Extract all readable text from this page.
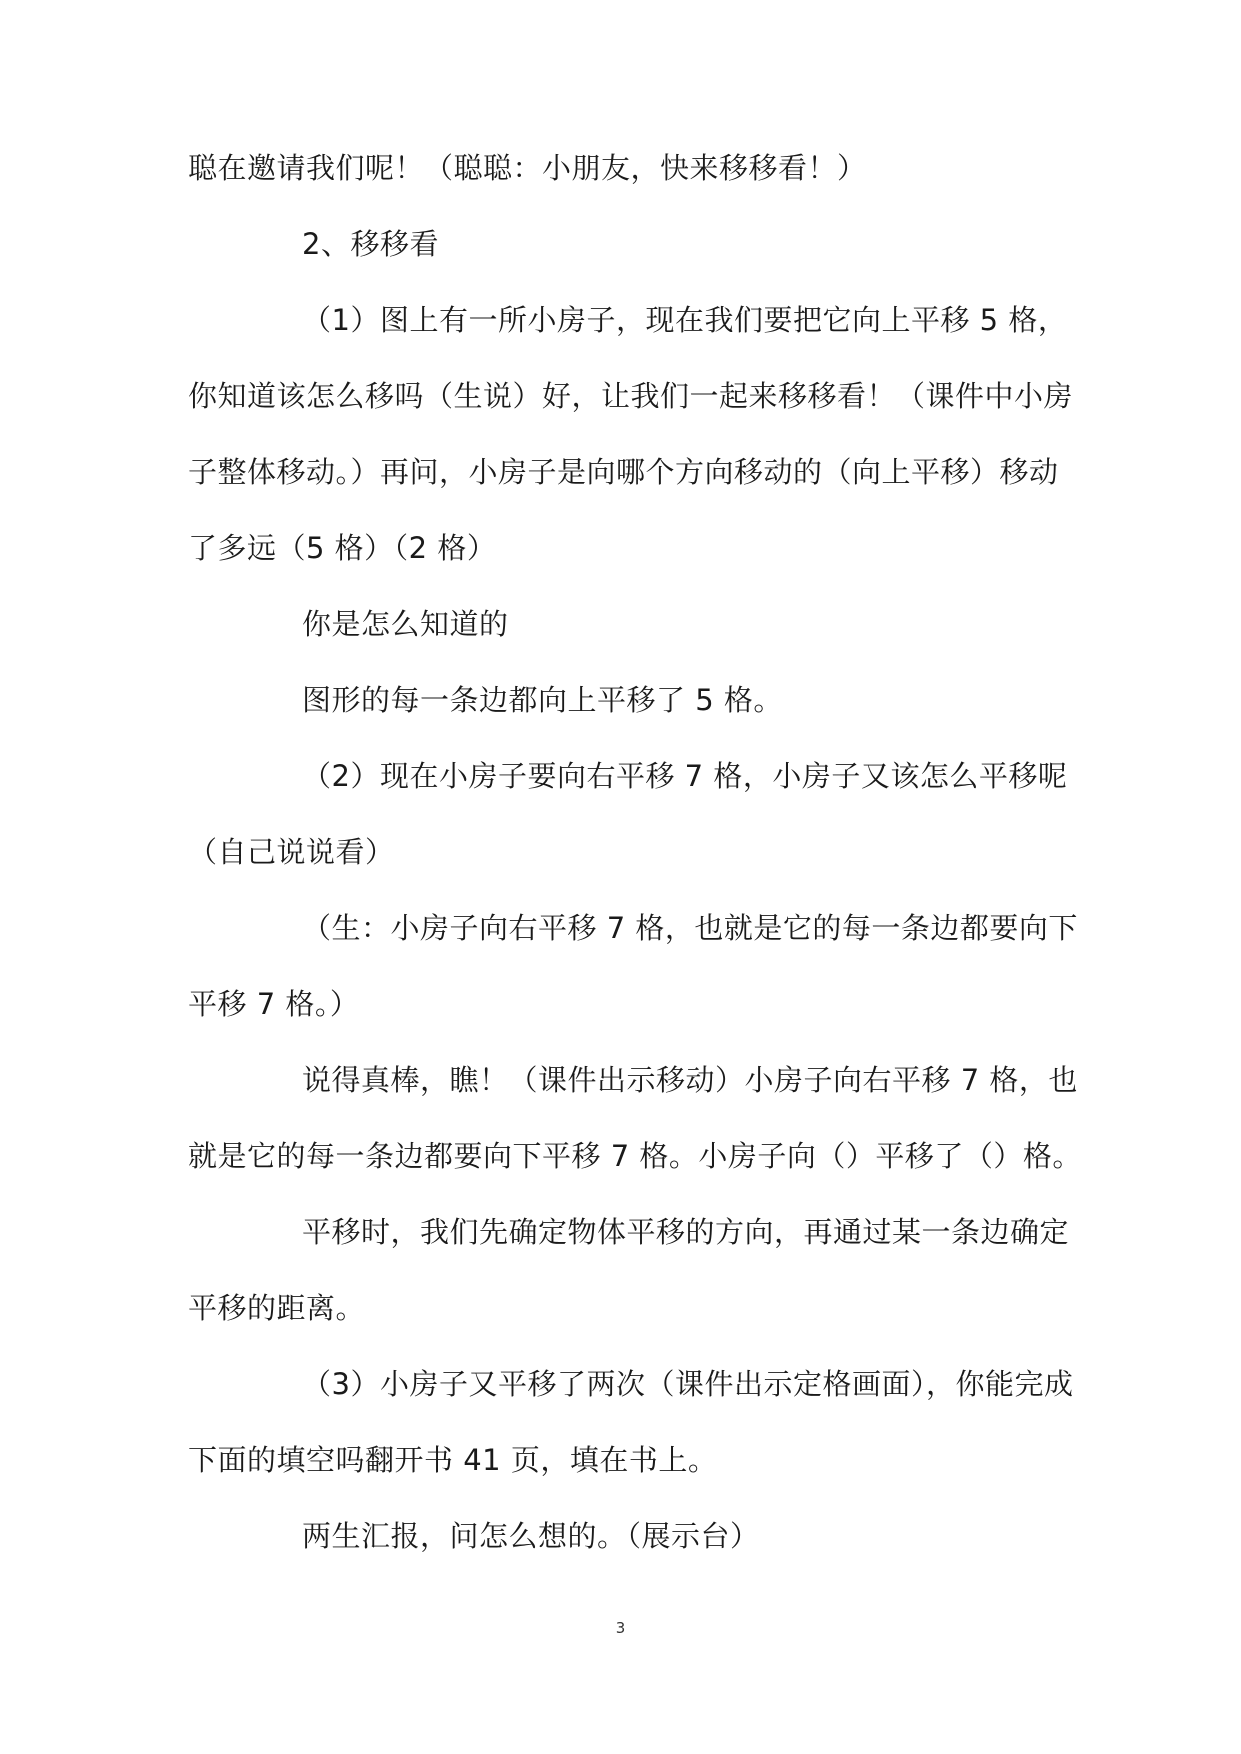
聪在邀请我们呢！（聪聪：小朋友，快来移移看！）
2、移移看
（1）图上有一所小房子，现在我们要把它向上平移 5 格，
你知道该怎么移吗（生说）好，让我们一起来移移看！（课件中小房
子整体移动。）再问，小房子是向哪个方向移动的（向上平移）移动
了多远（5 格）（2 格）
你是怎么知道的
图形的每一条边都向上平移了 5 格。
（2）现在小房子要向右平移 7 格，小房子又该怎么平移呢
（自己说说看）
（生：小房子向右平移 7 格，也就是它的每一条边都要向下
平移 7 格。）
说得真棒，瞧！（课件出示移动）小房子向右平移 7 格，也
就是它的每一条边都要向下平移 7 格。小房子向（）平移了（）格。
平移时，我们先确定物体平移的方向，再通过某一条边确定
平移的距离。
（3）小房子又平移了两次（课件出示定格画面），你能完成
下面的填空吗翻开书 41 页，填在书上。
两生汇报，问怎么想的。（展示台）
3
